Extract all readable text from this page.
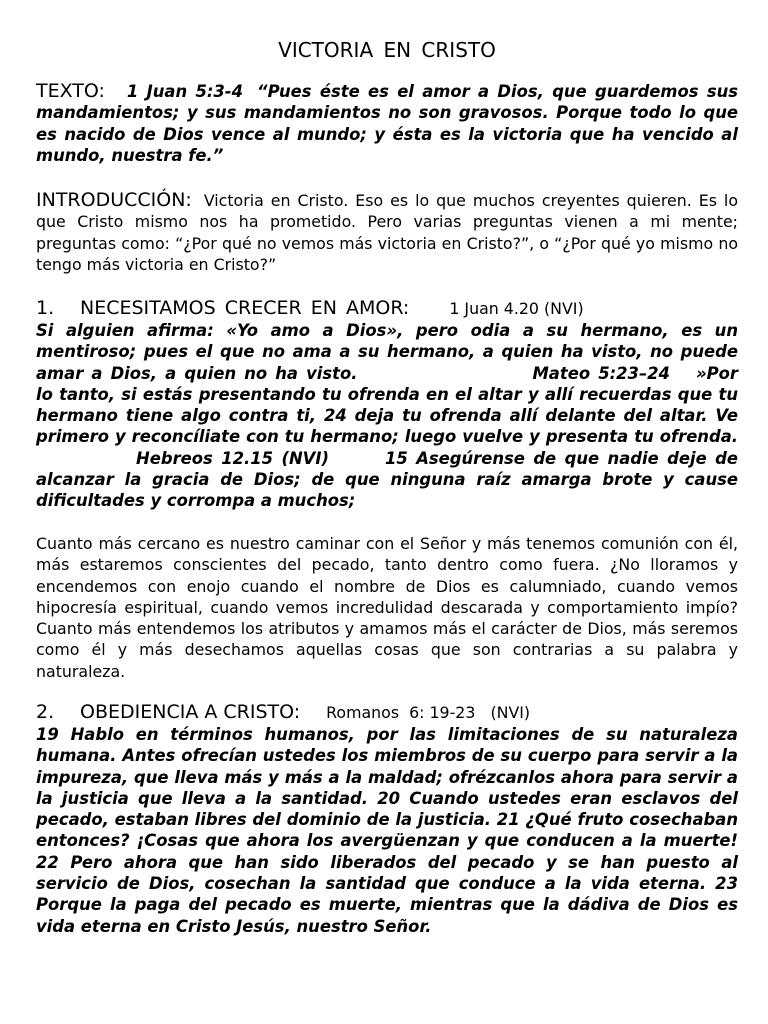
VICTORIA EN CRISTO

TEXTO: 1 Juan 5:3-4 “Pues éste es el amor a Dios, que guardemos sus mandamientos; y sus mandamientos no son gravosos. Porque todo lo que es nacido de Dios vence al mundo; y ésta es la victoria que ha vencido al mundo, nuestra fe.”

INTRODUCCIÓN: Victoria en Cristo. Eso es lo que muchos creyentes quieren. Es lo que Cristo mismo nos ha prometido. Pero varias preguntas vienen a mi mente; preguntas como: “¿Por qué no vemos más victoria en Cristo?”, o “¿Por qué yo mismo no tengo más victoria en Cristo?”

1. NECESITAMOS CRECER EN AMOR:	1 Juan 4.20 (NVI)

Si alguien afirma: «Yo amo a Dios», pero odia a su hermano, es un mentiroso; pues el que no ama a su hermano, a quien ha visto, no puede amar a Dios, a quien no ha visto.	Mateo 5:23–24 »Por lo tanto, si estás presentando tu ofrenda en el altar y allí recuerdas que tu hermano tiene algo contra ti, 24 deja tu ofrenda allí delante del altar. Ve primero y reconcíliate con tu hermano; luego vuelve y presenta tu ofrenda.Hebreos 12.15 (NVI)	15 Asegúrense de que nadie deje de alcanzar la gracia de Dios; de que ninguna raíz amarga brote y cause dificultades y corrompa a muchos;

Cuanto más cercano es nuestro caminar con el Señor y más tenemos comunión con él, más estaremos conscientes del pecado, tanto dentro como fuera. ¿No lloramos y encendemos con enojo cuando el nombre de Dios es calumniado, cuando vemos hipocresía espiritual, cuando vemos incredulidad descarada y comportamiento impío? Cuanto más entendemos los atributos y amamos más el carácter de Dios, más seremos como él y más desechamos aquellas cosas que son contrarias a su palabra y naturaleza.

2. OBEDIENCIA A CRISTO: Romanos  6: 19-23   (NVI)

19 Hablo en términos humanos, por las limitaciones de su naturaleza humana. Antes ofrecían ustedes los miembros de su cuerpo para servir a la impureza, que lleva más y más a la maldad; ofrézcanlos ahora para servir a la justicia que lleva a la santidad. 20 Cuando ustedes eran esclavos del pecado, estaban libres del dominio de la justicia. 21 ¿Qué fruto cosechaban entonces? ¡Cosas que ahora los avergüenzan y que conducen a la muerte! 22 Pero ahora que han sido liberados del pecado y se han puesto al servicio de Dios, cosechan la santidad que conduce a la vida eterna. 23 Porque la paga del pecado es muerte, mientras que la dádiva de Dios es vida eterna en Cristo Jesús, nuestro Señor.
